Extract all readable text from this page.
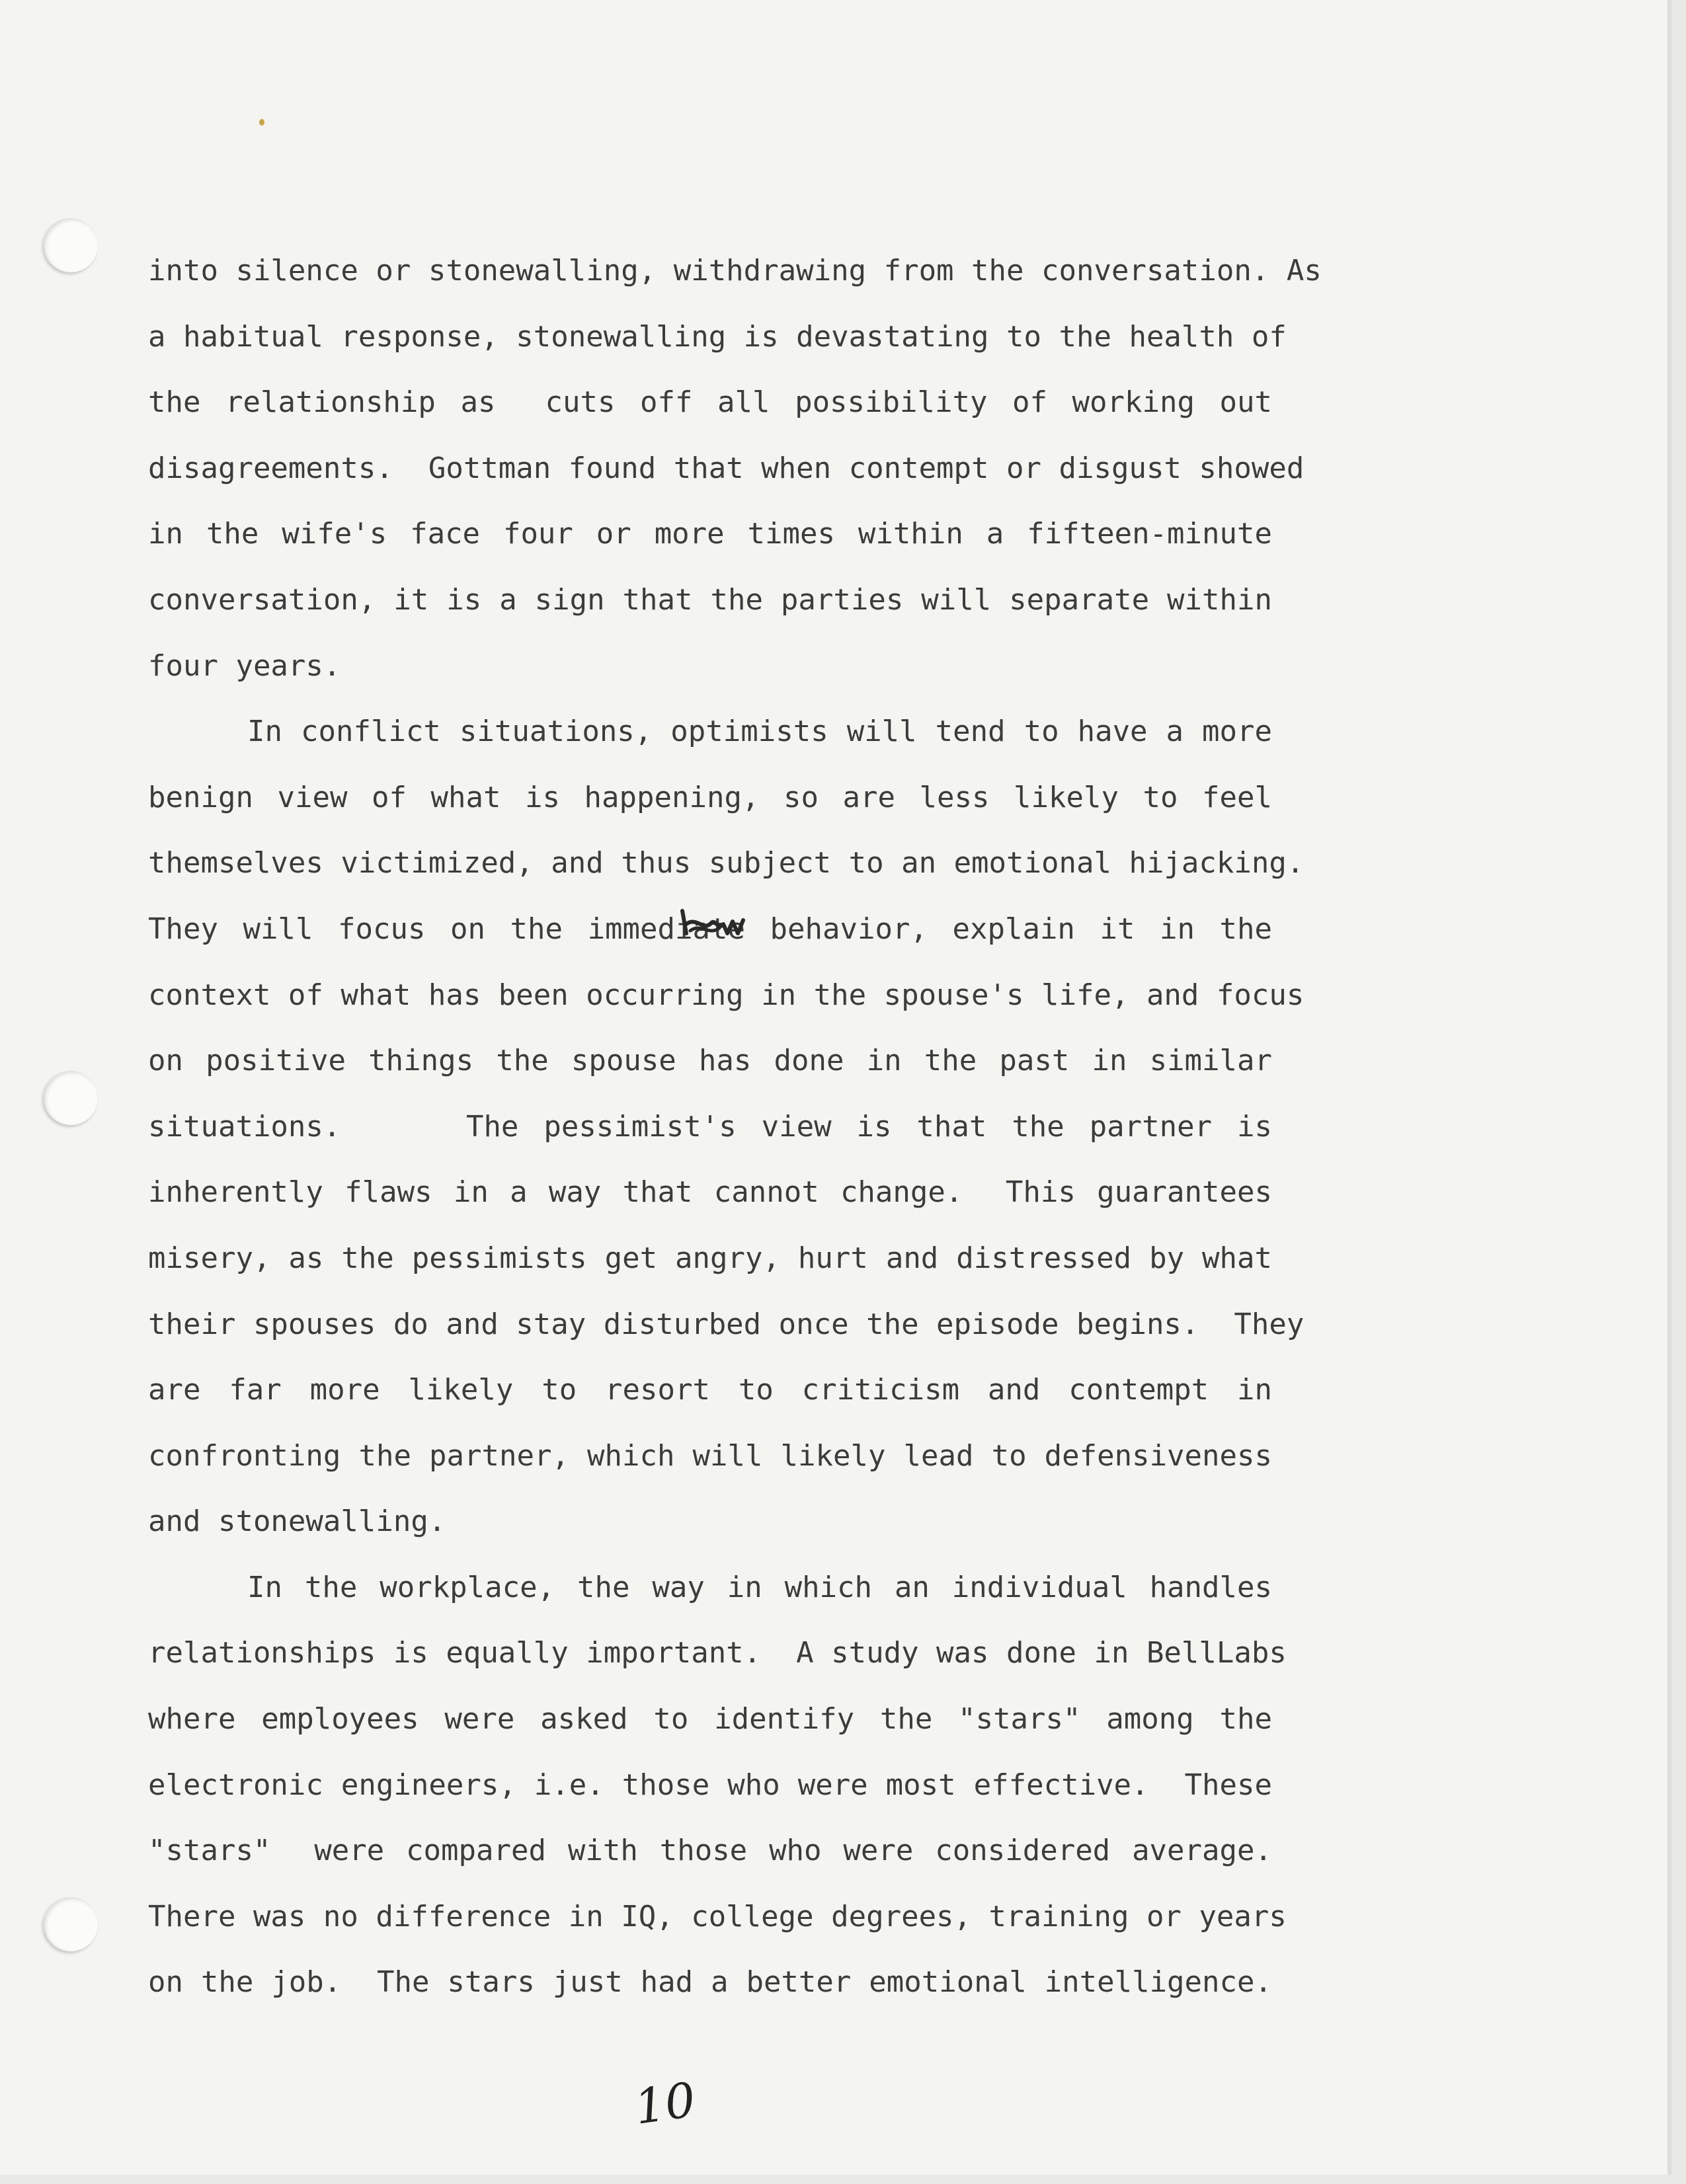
into silence or stonewalling, withdrawing from the conversation. As
a habitual response, stonewalling is devastating to the health of
the relationship as  cuts off all possibility of working out
disagreements.  Gottman found that when contempt or disgust showed
in the wife's face four or more times within a fifteen-minute
conversation, it is a sign that the parties will separate within
four years.
In conflict situations, optimists will tend to have a more
benign view of what is happening, so are less likely to feel
themselves victimized, and thus subject to an emotional hijacking.
They will focus on the immediate behavior, explain it in the
context of what has been occurring in the spouse's life, and focus
on positive things the spouse has done in the past in similar
situations.     The pessimist's view is that the partner is
inherently flaws in a way that cannot change.  This guarantees
misery, as the pessimists get angry, hurt and distressed by what
their spouses do and stay disturbed once the episode begins.  They
are far more likely to resort to criticism and contempt in
confronting the partner, which will likely lead to defensiveness
and stonewalling.
In the workplace, the way in which an individual handles
relationships is equally important.  A study was done in BellLabs
where employees were asked to identify the "stars" among the
electronic engineers, i.e. those who were most effective.  These
"stars"  were compared with those who were considered average.
There was no difference in IQ, college degrees, training or years
on the job.  The stars just had a better emotional intelligence.
10
